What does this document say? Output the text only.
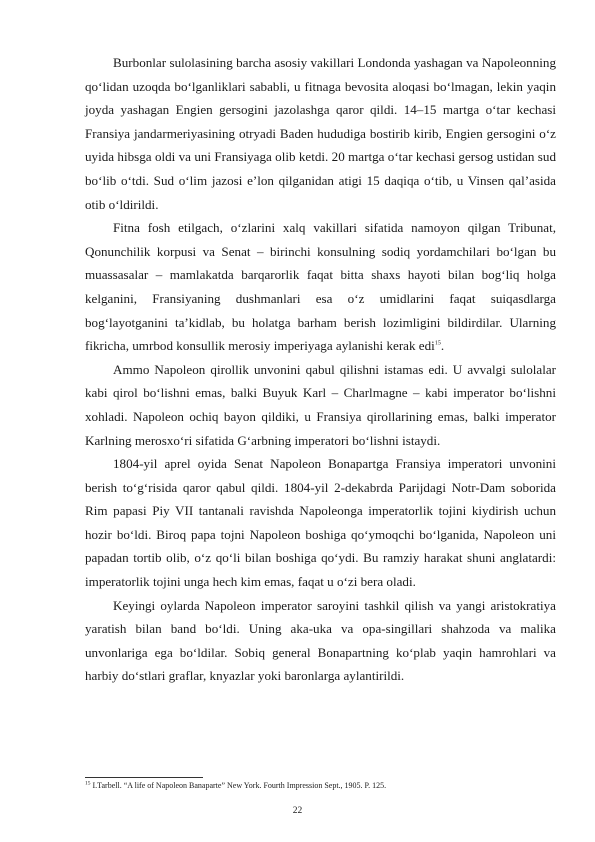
Burbonlar sulolasining barcha asosiy vakillari Londonda yashagan va Napoleonning qo‘lidan uzoqda bo‘lganliklari sababli, u fitnaga bevosita aloqasi bo‘lmagan, lekin yaqin joyda yashagan Engien gersogini jazolashga qaror qildi. 14–15 martga o‘tar kechasi Fransiya jandarmeriyasining otryadi Baden hududiga bostirib kirib, Engien gersogini o‘z uyida hibsga oldi va uni Fransiyaga olib ketdi. 20 martga o‘tar kechasi gersog ustidan sud bo‘lib o‘tdi. Sud o‘lim jazosi e’lon qilganidan atigi 15 daqiqa o‘tib, u Vinsen qal’asida otib o‘ldirildi.

Fitna fosh etilgach, o‘zlarini xalq vakillari sifatida namoyon qilgan Tribunat, Qonunchilik korpusi va Senat – birinchi konsulning sodiq yordamchilari bo‘lgan bu muassasalar – mamlakatda barqarorlik faqat bitta shaxs hayoti bilan bog‘liq holga kelganini, Fransiyaning dushmanlari esa o‘z umidlarini faqat suiqasdlarga bog‘layotganini ta’kidlab, bu holatga barham berish lozimligini bildirdilar. Ularning fikricha, umrbod konsullik merosiy imperiyaga aylanishi kerak edi$^{15}$.

Ammo Napoleon qirollik unvonini qabul qilishni istamas edi. U avvalgi sulolalar kabi qirol bo‘lishni emas, balki Buyuk Karl – Charlmagne – kabi imperator bo‘lishni xohladi. Napoleon ochiq bayon qildiki, u Fransiya qirollarining emas, balki imperator Karlning merosxo‘ri sifatida G‘arbning imperatori bo‘lishni istaydi.

1804-yil aprel oyida Senat Napoleon Bonapartga Fransiya imperatori unvonini berish to‘g‘risida qaror qabul qildi. 1804-yil 2-dekabrda Parijdagi Notr-Dam soborida Rim papasi Piy VII tantanali ravishda Napoleonga imperatorlik tojini kiydirish uchun hozir bo‘ldi. Biroq papa tojni Napoleon boshiga qo‘ymoqchi bo‘lganida, Napoleon uni papadan tortib olib, o‘z qo‘li bilan boshiga qo‘ydi. Bu ramziy harakat shuni anglatardi: imperatorlik tojini unga hech kim emas, faqat u o‘zi bera oladi.

Keyingi oylarda Napoleon imperator saroyini tashkil qilish va yangi aristokratiya yaratish bilan band bo‘ldi. Uning aka-uka va opa-singillari shahzoda va malika unvonlariga ega bo‘ldilar. Sobiq general Bonapartning ko‘plab yaqin hamrohlari va harbiy do‘stlari graflar, knyazlar yoki baronlarga aylantirildi.

$^{15}$ I.Tarbell. “A life of Napoleon Banaparte” New York. Fourth Impression Sept., 1905. P. 125.
22
